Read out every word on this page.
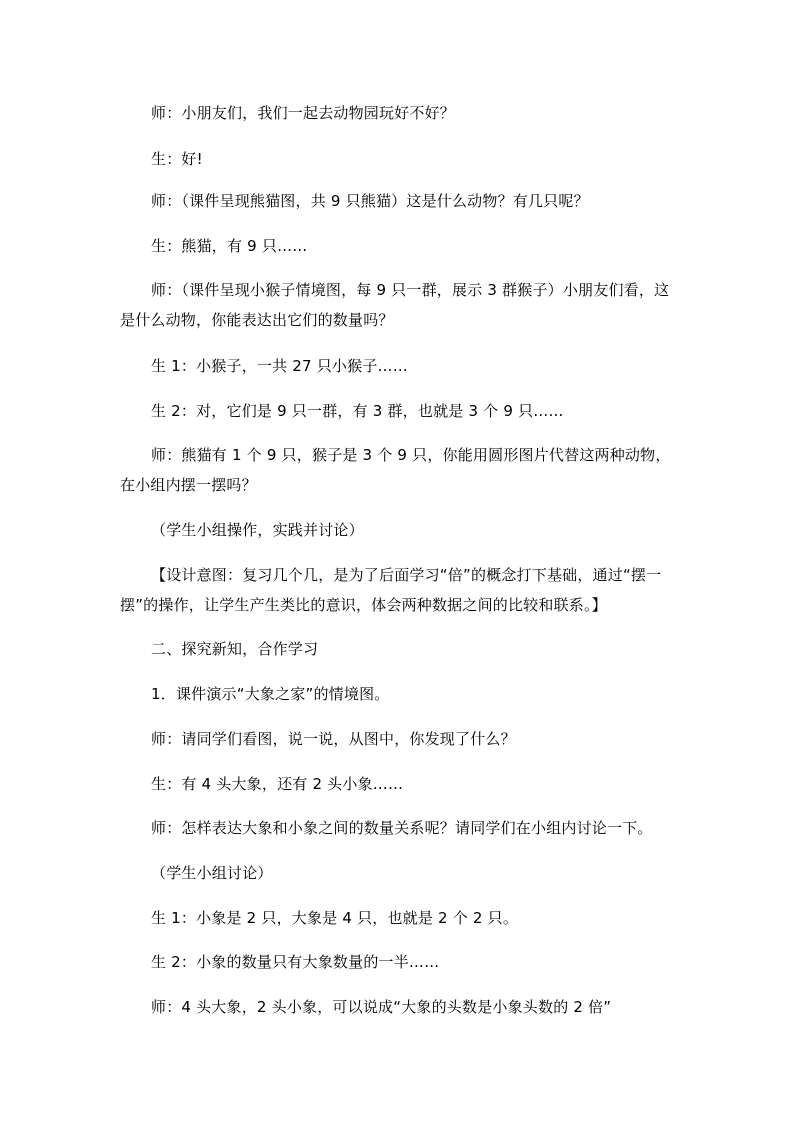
师：小朋友们，我们一起去动物园玩好不好？

生：好!

师：（课件呈现熊猫图，共 9 只熊猫）这是什么动物？有几只呢？

生：熊猫，有 9 只……

师：（课件呈现小猴子情境图，每 9 只一群，展示 3 群猴子）小朋友们看，这是什么动物，你能表达出它们的数量吗？

生 1：小猴子，一共 27 只小猴子……

生 2：对，它们是 9 只一群，有 3 群，也就是 3 个 9 只……

师：熊猫有 1 个 9 只，猴子是 3 个 9 只，你能用圆形图片代替这两种动物，在小组内摆一摆吗？

（学生小组操作，实践并讨论）

【设计意图：复习几个几，是为了后面学习“倍”的概念打下基础，通过“摆一摆”的操作，让学生产生类比的意识，体会两种数据之间的比较和联系。】

二、探究新知，合作学习

1．课件演示“大象之家”的情境图。

师：请同学们看图，说一说，从图中，你发现了什么？

生：有 4 头大象，还有 2 头小象……

师：怎样表达大象和小象之间的数量关系呢？请同学们在小组内讨论一下。

（学生小组讨论）

生 1：小象是 2 只，大象是 4 只，也就是 2 个 2 只。

生 2：小象的数量只有大象数量的一半……

师：4 头大象，2 头小象，可以说成“大象的头数是小象头数的 2 倍”
